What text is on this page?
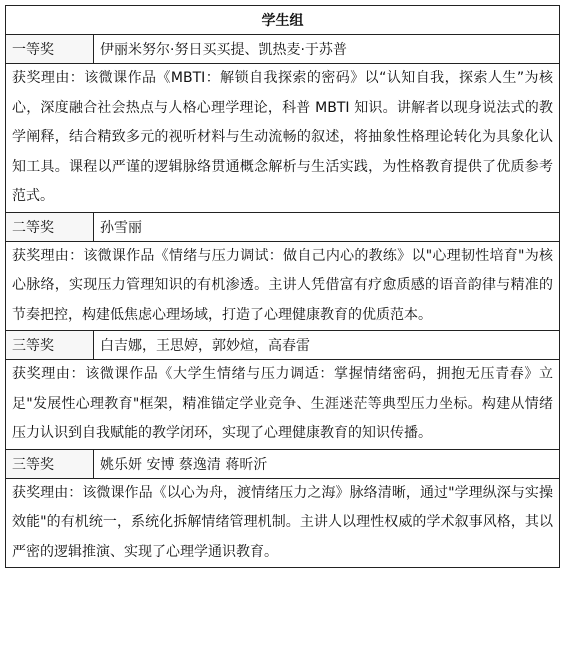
学生组	
一等奖	伊丽米努尔·努日买买提、凯热麦·于苏普
获奖理由：该微课作品《MBTI：解锁自我探索的密码》以“认知自我，探索人生”为核心，深度融合社会热点与人格心理学理论，科普 MBTI 知识。讲解者以现身说法式的教学阐释，结合精致多元的视听材料与生动流畅的叙述，将抽象性格理论转化为具象化认知工具。课程以严谨的逻辑脉络贯通概念解析与生活实践，为性格教育提供了优质参考范式。	
二等奖	孙雪丽
获奖理由：该微课作品《情绪与压力调试：做自己内心的教练》以"心理韧性培育"为核心脉络，实现压力管理知识的有机渗透。主讲人凭借富有疗愈质感的语音韵律与精准的节奏把控，构建低焦虑心理场域，打造了心理健康教育的优质范本。	
三等奖	白吉娜，王思婷，郭妙煊，高春雷
获奖理由：该微课作品《大学生情绪与压力调适：掌握情绪密码，拥抱无压青春》立足"发展性心理教育"框架，精准锚定学业竞争、生涯迷茫等典型压力坐标。构建从情绪压力认识到自我赋能的教学闭环，实现了心理健康教育的知识传播。	
三等奖	姚乐妍 安博 蔡逸清 蒋昕沂
获奖理由：该微课作品《以心为舟，渡情绪压力之海》脉络清晰，通过"学理纵深与实操效能"的有机统一，系统化拆解情绪管理机制。主讲人以理性权威的学术叙事风格，其以严密的逻辑推演、实现了心理学通识教育。	
